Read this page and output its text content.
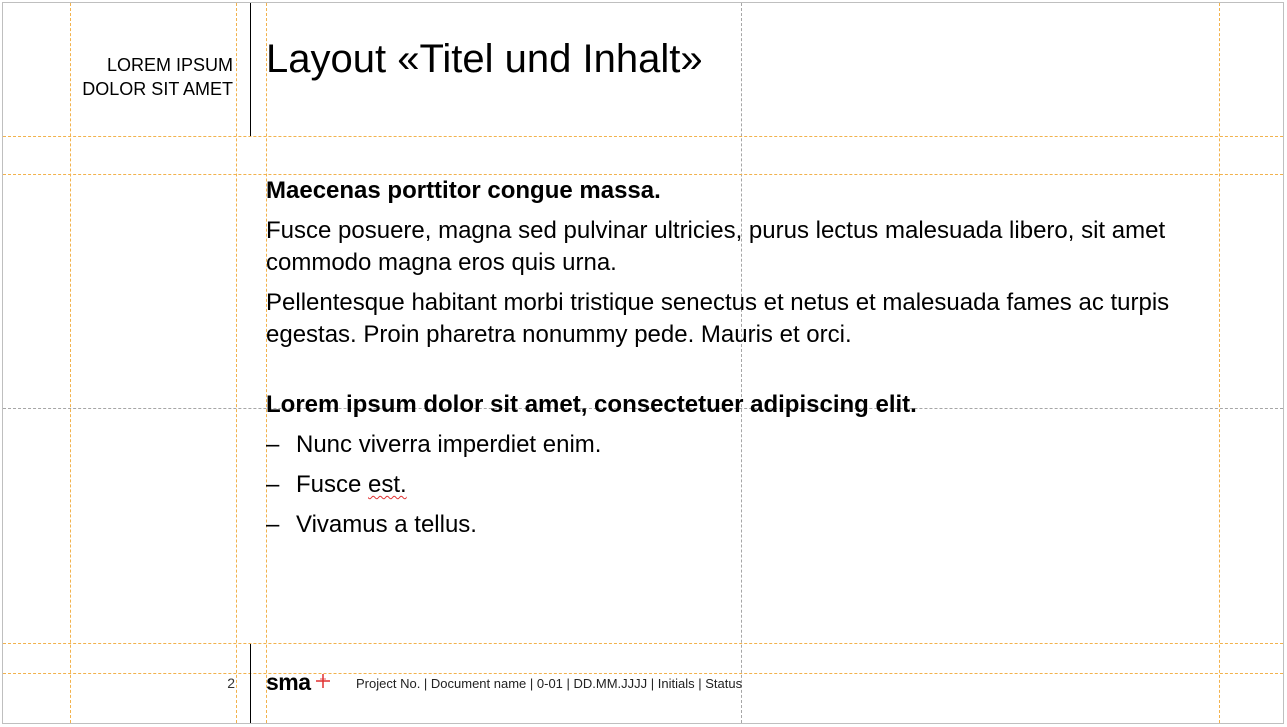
LOREM IPSUM
DOLOR SIT AMET
Layout «Titel und Inhalt»
Maecenas porttitor congue massa.
Fusce posuere, magna sed pulvinar ultricies, purus lectus malesuada libero, sit amet commodo magna eros quis urna.
Pellentesque habitant morbi tristique senectus et netus et malesuada fames ac turpis egestas. Proin pharetra nonummy pede. Mauris et orci.
Lorem ipsum dolor sit amet, consectetuer adipiscing elit.
– Nunc viverra imperdiet enim.
– Fusce est.
– Vivamus a tellus.
2 sma	Project No. | Document name | 0-01 | DD.MM.JJJJ | Initials | Status
